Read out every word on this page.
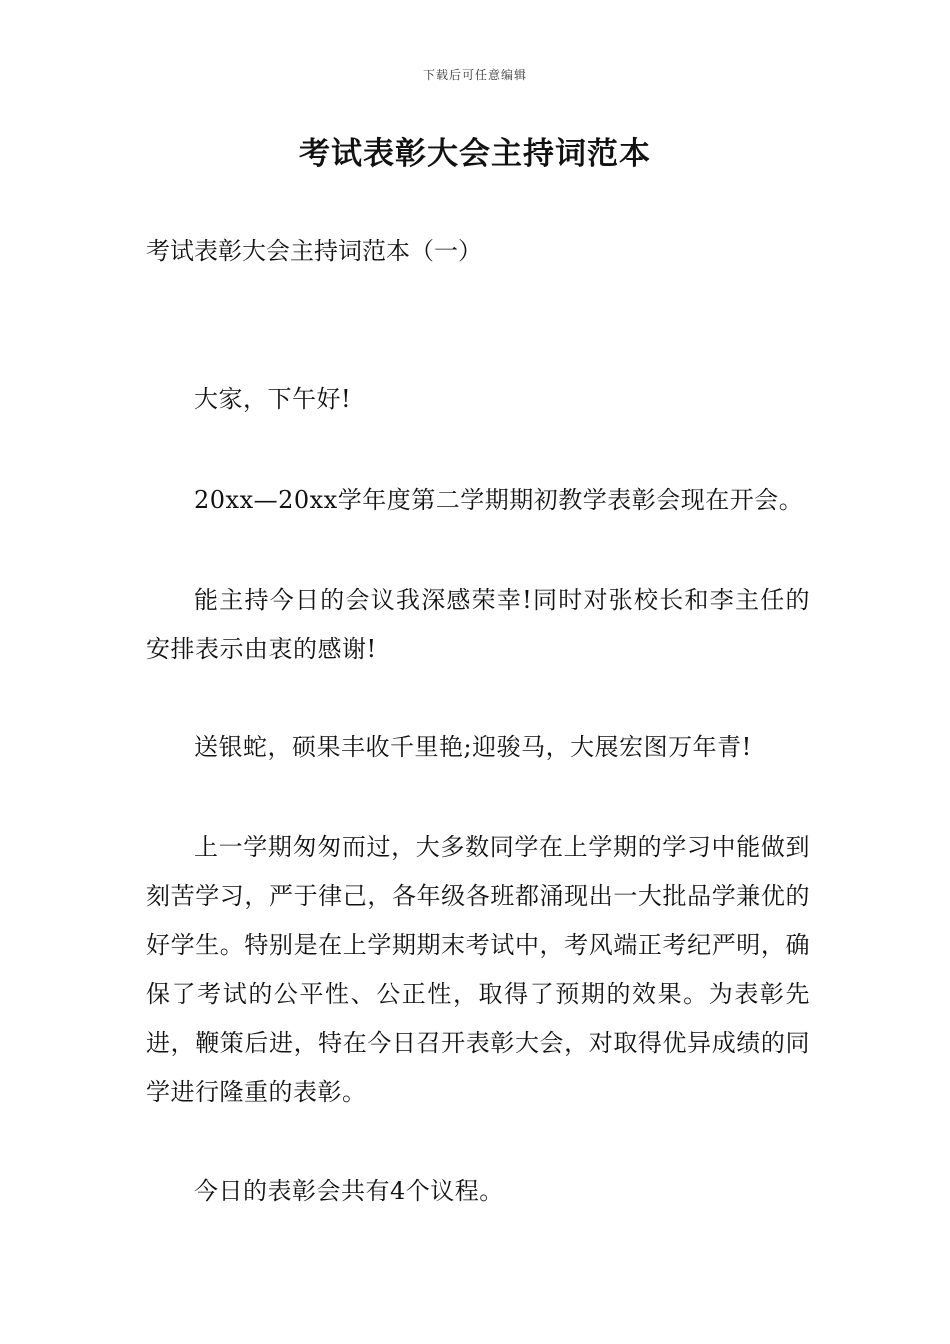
下载后可任意编辑
考试表彰大会主持词范本

考试表彰大会主持词范本（一）

大家，下午好!

20xx—20xx学年度第二学期期初教学表彰会现在开会。

能主持今日的会议我深感荣幸!同时对张校长和李主任的安排表示由衷的感谢!

送银蛇，硕果丰收千里艳;迎骏马，大展宏图万年青!

上一学期匆匆而过，大多数同学在上学期的学习中能做到刻苦学习，严于律己，各年级各班都涌现出一大批品学兼优的好学生。特别是在上学期期末考试中，考风端正考纪严明，确保了考试的公平性、公正性，取得了预期的效果。为表彰先进，鞭策后进，特在今日召开表彰大会，对取得优异成绩的同学进行隆重的表彰。

今日的表彰会共有4个议程。
